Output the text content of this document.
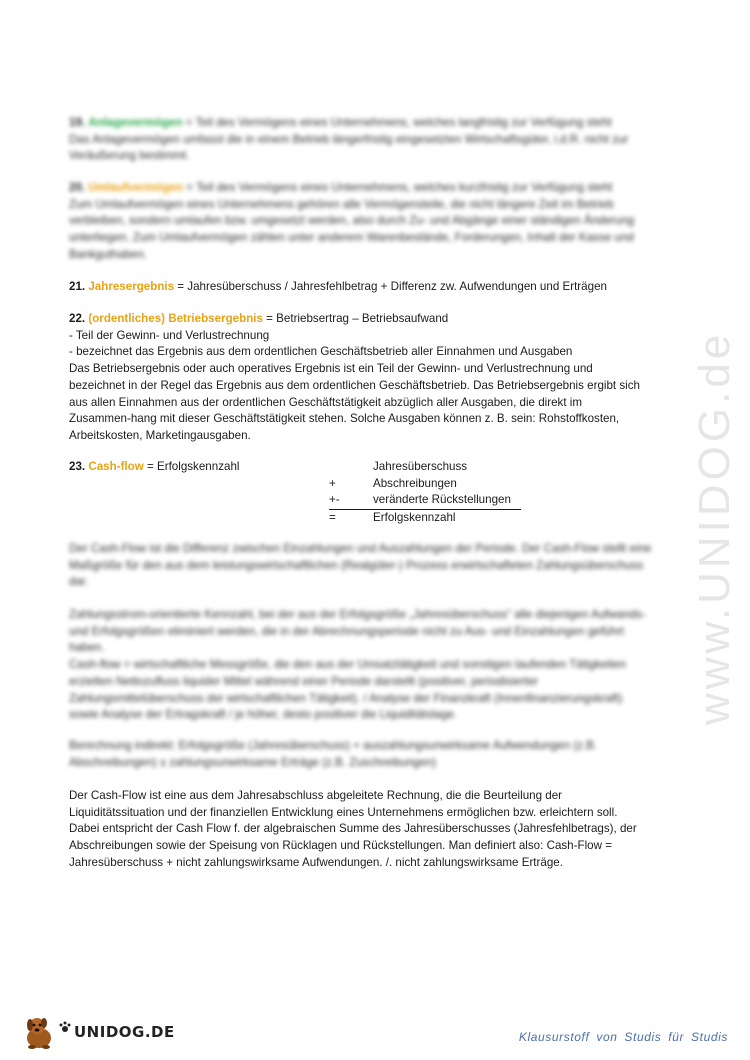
www.UNIDOG.de
19. Anlagevermögen = Teil des Vermögens eines Unternehmens, welches langfristig zur Verfügung steht
Das Anlagevermögen umfasst die in einem Betrieb längerfristig eingesetzten Wirtschaftsgüter, i.d.R. nicht zur
Veräußerung bestimmt.
20. Umlaufvermögen = Teil des Vermögens eines Unternehmens, welches kurzfristig zur Verfügung steht
Zum Umlaufvermögen eines Unternehmens gehören alle Vermögensteile, die nicht längere Zeit im Betrieb
verbleiben, sondern umlaufen bzw. umgesetzt werden, also durch Zu- und Abgänge einer ständigen Änderung
unterliegen. Zum Umlaufvermögen zählen unter anderem Warenbestände, Forderungen, Inhalt der Kasse und
Bankguthaben.
21. Jahresergebnis = Jahresüberschuss / Jahresfehlbetrag + Differenz zw. Aufwendungen und Erträgen
22. (ordentliches) Betriebsergebnis = Betriebsertrag – Betriebsaufwand
- Teil der Gewinn- und Verlustrechnung
- bezeichnet das Ergebnis aus dem ordentlichen Geschäftsbetrieb aller Einnahmen und Ausgaben
Das Betriebsergebnis oder auch operatives Ergebnis ist ein Teil der Gewinn- und Verlustrechnung und
bezeichnet in der Regel das Ergebnis aus dem ordentlichen Geschäftsbetrieb. Das Betriebsergebnis ergibt sich
aus allen Einnahmen aus der ordentlichen Geschäftstätigkeit abzüglich aller Ausgaben, die direkt im
Zusammen-hang mit dieser Geschäftstätigkeit stehen. Solche Ausgaben können z. B. sein: Rohstoffkosten,
Arbeitskosten, Marketingausgaben.
23. Cash-flow = Erfolgskennzahl	Jahresüberschuss
+	Abschreibungen
+-	veränderte Rückstellungen
=	Erfolgskennzahl
Der Cash-Flow ist die Differenz zwischen Einzahlungen und Auszahlungen der Periode. Der Cash-Flow stellt eine
Maßgröße für den aus dem leistungswirtschaftlichen (Realgüter-) Prozess erwirtschafteten Zahlungsüberschuss
dar.
Zahlungsstrom-orientierte Kennzahl, bei der aus der Erfolgsgröße „Jahresüberschuss“ alle diejenigen Aufwands-
und Erfolgsgrößen eliminiert werden, die in der Abrechnungsperiode nicht zu Aus- und Einzahlungen geführt
haben.
Cash-flow = wirtschaftliche Messgröße, die den aus der Umsatztätigkeit und sonstigen laufenden Tätigkeiten
erzielten Nettozufluss liquider Mittel während einer Periode darstellt (positiver, periodisierter
Zahlungsmittelüberschuss der wirtschaftlichen Tätigkeit). / Analyse der Finanzkraft (Innenfinanzierungskraft)
sowie Analyse der Ertragskraft / je höher, desto positiver die Liquiditätslage.
Berechnung indirekt: Erfolgsgröße (Jahresüberschuss) + auszahlungsunwirksame Aufwendungen (z.B.
Abschreibungen) ± zahlungsunwirksame Erträge (z.B. Zuschreibungen)
Der Cash-Flow ist eine aus dem Jahresabschluss abgeleitete Rechnung, die die Beurteilung der
Liquiditätssituation und der finanziellen Entwicklung eines Unternehmens ermöglichen bzw. erleichtern soll.
Dabei entspricht der Cash Flow f. der algebraischen Summe des Jahresüberschusses (Jahresfehlbetrags), der
Abschreibungen sowie der Speisung von Rücklagen und Rückstellungen. Man definiert also: Cash-Flow =
Jahresüberschuss + nicht zahlungswirksame Aufwendungen. /. nicht zahlungswirksame Erträge.
UNIDOG.DE	Klausurstoff von Studis für Studis
